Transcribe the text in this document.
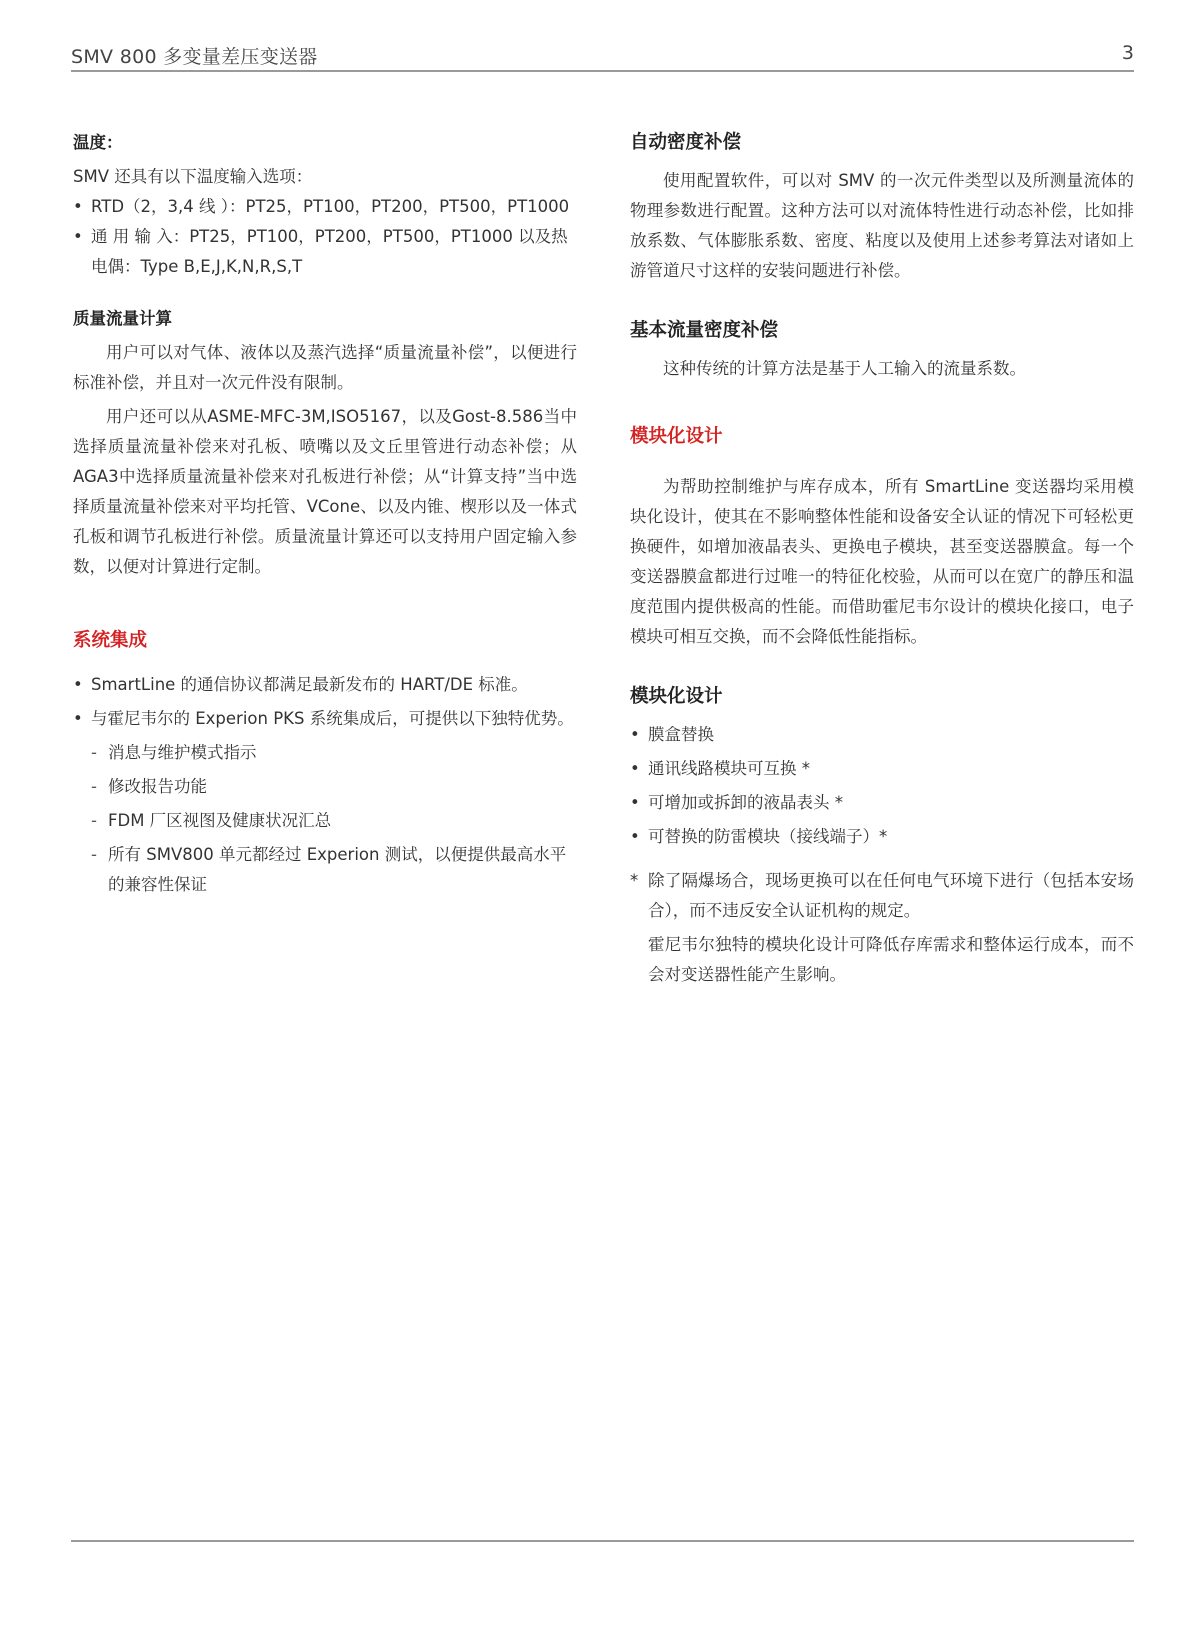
SMV 800 多变量差压变送器	3
温度：

SMV 还具有以下温度输入选项：

• RTD（2，3,4 线 ）：PT25，PT100，PT200，PT500，PT1000
• 通 用 输 入：PT25，PT100，PT200，PT500，PT1000 以及热电偶：Type B,E,J,K,N,R,S,T
质量流量计算

用户可以对气体、液体以及蒸汽选择“质量流量补偿”，以便进行标准补偿，并且对一次元件没有限制。

用户还可以从ASME-MFC-3M,ISO5167，以及Gost-8.586当中选择质量流量补偿来对孔板、喷嘴以及文丘里管进行动态补偿；从AGA3中选择质量流量补偿来对孔板进行补偿；从“计算支持”当中选择质量流量补偿来对平均托管、VCone、以及内锥、楔形以及一体式孔板和调节孔板进行补偿。质量流量计算还可以支持用户固定输入参数，以便对计算进行定制。

系统集成
• SmartLine 的通信协议都满足最新发布的 HART/DE 标准。
• 与霍尼韦尔的 Experion PKS 系统集成后，可提供以下独特优势。
- 消息与维护模式指示
- 修改报告功能
- FDM 厂区视图及健康状况汇总
- 所有 SMV800 单元都经过 Experion 测试，以便提供最高水平的兼容性保证
自动密度补偿

使用配置软件，可以对 SMV 的一次元件类型以及所测量流体的物理参数进行配置。这种方法可以对流体特性进行动态补偿，比如排放系数、气体膨胀系数、密度、粘度以及使用上述参考算法对诸如上游管道尺寸这样的安装问题进行补偿。

基本流量密度补偿

这种传统的计算方法是基于人工输入的流量系数。

模块化设计

为帮助控制维护与库存成本，所有 SmartLine 变送器均采用模块化设计，使其在不影响整体性能和设备安全认证的情况下可轻松更换硬件，如增加液晶表头、更换电子模块，甚至变送器膜盒。每一个变送器膜盒都进行过唯一的特征化校验，从而可以在宽广的静压和温度范围内提供极高的性能。而借助霍尼韦尔设计的模块化接口，电子模块可相互交换，而不会降低性能指标。

模块化设计
• 膜盒替换
• 通讯线路模块可互换 *
• 可增加或拆卸的液晶表头 *
• 可替换的防雷模块（接线端子）*
* 除了隔爆场合，现场更换可以在任何电气环境下进行（包括本安场合），而不违反安全认证机构的规定。

霍尼韦尔独特的模块化设计可降低存库需求和整体运行成本，而不会对变送器性能产生影响。
